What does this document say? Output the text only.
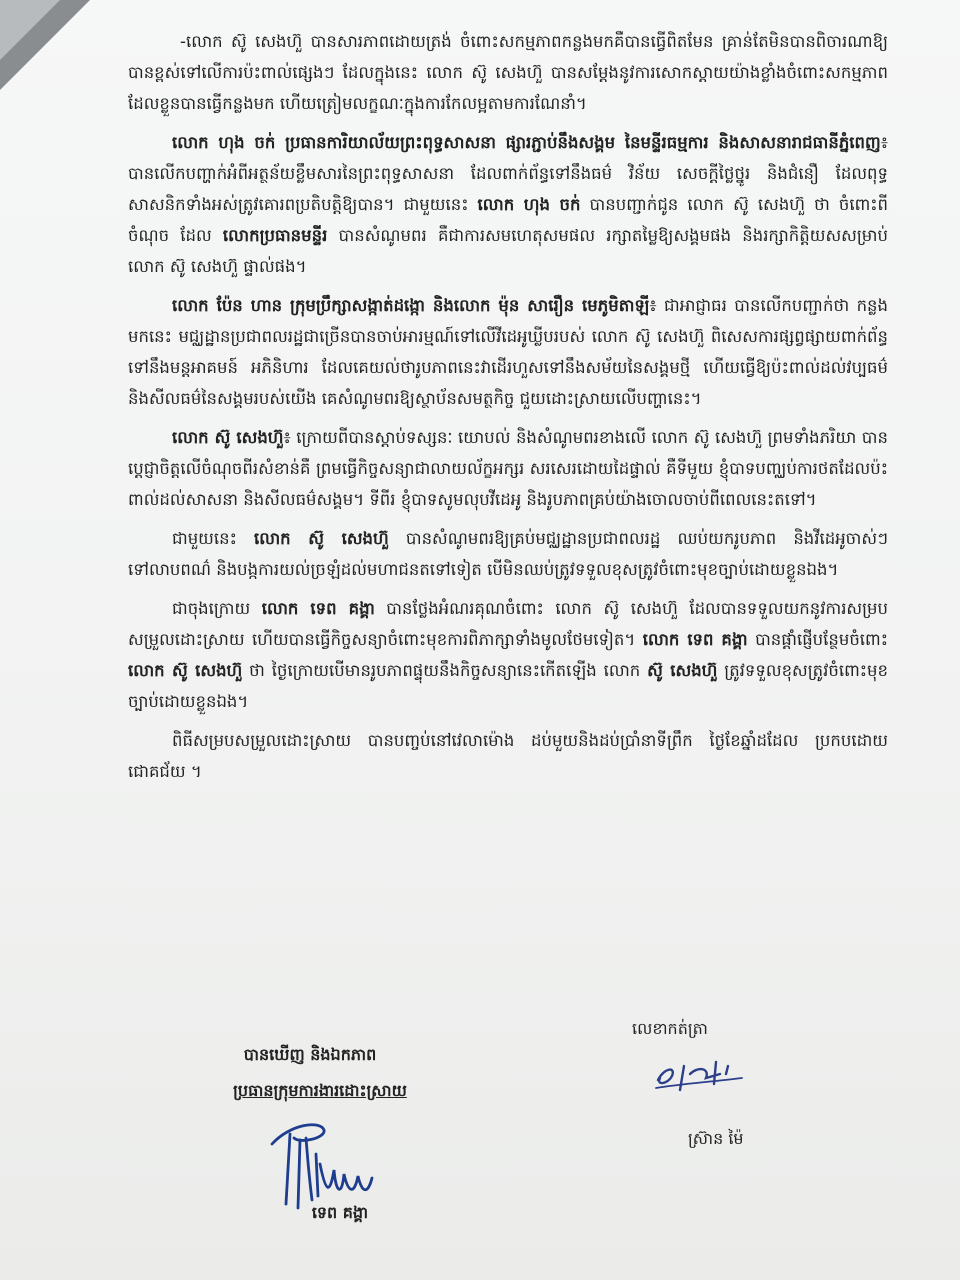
-លោក ស៊ូ សេងហ៊ួ បានសារភាពដោយត្រង់ ចំពោះសកម្មភាពកន្លងមកគឺបានធ្វើពិតមែន គ្រាន់តែមិនបានពិចារណាឱ្យបានខ្ពស់ទៅលើការប៉ះពាល់ផ្សេងៗ ដែលក្នុងនេះ លោក ស៊ូ សេងហ៊ួ បានសម្ដែងនូវការសោកស្ដាយយ៉ាងខ្លាំងចំពោះសកម្មភាពដែលខ្លួនបានធ្វើកន្លងមក ហើយត្រៀមលក្ខណៈក្នុងការកែលម្អតាមការណែនាំ។

លោក ហុង ចក់ ប្រធានការិយាល័យព្រះពុទ្ធសាសនា ផ្សារភ្ជាប់នឹងសង្គម នៃមន្ទីរធម្មការ និងសាសនារាជធានីភ្នំពេញ៖ បានលើកបញ្ហាក់អំពីអត្ថន័យខ្លឹមសារនៃព្រះពុទ្ធសាសនា ដែលពាក់ព័ន្ធទៅនឹងធម៌ វិន័យ សេចក្ដីថ្លៃថ្នូរ និងជំនឿ ដែលពុទ្ធសាសនិកទាំងអស់ត្រូវគោរពប្រតិបត្តិឱ្យបាន។ ជាមួយនេះ លោក ហុង ចក់ បានបញ្ជាក់ជូន លោក ស៊ូ សេងហ៊ួ ថា ចំពោះពីចំណុច ដែល លោកប្រធានមន្ទីរ បានសំណូមពរ គឺជាការសមហេតុសមផល រក្សាតម្លៃឱ្យសង្គមផង និងរក្សាកិត្តិយសសម្រាប់ លោក ស៊ូ សេងហ៊ួ ផ្ទាល់ផង។

លោក ប៉ែន ហាន ក្រុមប្រឹក្សាសង្កាត់ដង្កោ និងលោក ម៉ុន សារឿន មេភូមិតាឡី៖ ជាអាជ្ញាធរ បានលើកបញ្ជាក់ថា កន្លងមកនេះ មជ្ឈដ្ឋានប្រជាពលរដ្ឋជាច្រើនបានចាប់អារម្មណ៍ទៅលើវីដេអូឃ្លីបរបស់ លោក ស៊ូ សេងហ៊ួ ពិសេសការផ្សព្វផ្សាយពាក់ព័ន្ធទៅនឹងមន្តអាគមន៍ អភិនិហារ ដែលគេយល់ថារូបភាពនេះវាដើរហួសទៅនឹងសម័យនៃសង្គមថ្មី ហើយធ្វើឱ្យប៉ះពាល់ដល់វប្បធម៌ និងសីលធម៌នៃសង្គមរបស់យើង គេសំណូមពរឱ្យស្ថាប័នសមត្ថកិច្ច ជួយដោះស្រាយលើបញ្ហានេះ។

លោក ស៊ូ សេងហ៊ួ៖ ក្រោយពីបានស្ដាប់ទស្សនៈ យោបល់ និងសំណូមពរខាងលើ លោក ស៊ូ សេងហ៊ួ ព្រមទាំងភរិយា បានប្ដេជ្ញាចិត្តលើចំណុចពីរសំខាន់គឺ ព្រមធ្វើកិច្ចសន្យាជាលាយល័ក្ខអក្សរ សរសេរដោយដៃផ្ទាល់ គឺទីមួយ ខ្ញុំបាទបញ្ឈប់ការថតដែលប៉ះពាល់ដល់សាសនា និងសីលធម៌សង្គម។ ទីពីរ ខ្ញុំបាទសូមលុបវីដេអូ និងរូបភាពគ្រប់យ៉ាងចោលចាប់ពីពេលនេះតទៅ។

ជាមួយនេះ លោក ស៊ូ សេងហ៊ួ បានសំណូមពរឱ្យគ្រប់មជ្ឈដ្ឋានប្រជាពលរដ្ឋ ឈប់យករូបភាព និងវីដេអូចាស់ៗទៅលាបពណ៌ និងបង្កការយល់ច្រឡំដល់មហាជនតទៅទៀត បើមិនឈប់ត្រូវទទួលខុសត្រូវចំពោះមុខច្បាប់ដោយខ្លួនឯង។

ជាចុងក្រោយ លោក ទេព គង្គា បានថ្លែងអំណរគុណចំពោះ លោក ស៊ូ សេងហ៊ួ ដែលបានទទួលយកនូវការសម្របសម្រួលដោះស្រាយ ហើយបានធ្វើកិច្ចសន្យាចំពោះមុខការពិភាក្សាទាំងមូលថែមទៀត។ លោក ទេព គង្គា បានផ្ដាំផ្ញើបន្ថែមចំពោះ លោក ស៊ូ សេងហ៊ួ ថា ថ្ងៃក្រោយបើមានរូបភាពផ្ទុយនឹងកិច្ចសន្យានេះកើតឡើង លោក ស៊ូ សេងហ៊ួ ត្រូវទទួលខុសត្រូវចំពោះមុខច្បាប់ដោយខ្លួនឯង។

ពិធីសម្របសម្រួលដោះស្រាយ បានបញ្ចប់នៅវេលាម៉ោង ដប់មួយនិងដប់ប្រាំនាទីព្រឹក ថ្ងៃខែឆ្នាំដដែល ប្រកបដោយជោគជ័យ ។

លេខាកត់ត្រា
ស្រ៊ាន ម៉ៃ
បានឃើញ និងឯកភាព
ប្រធានក្រុមការងារដោះស្រាយ
ទេព គង្គា
